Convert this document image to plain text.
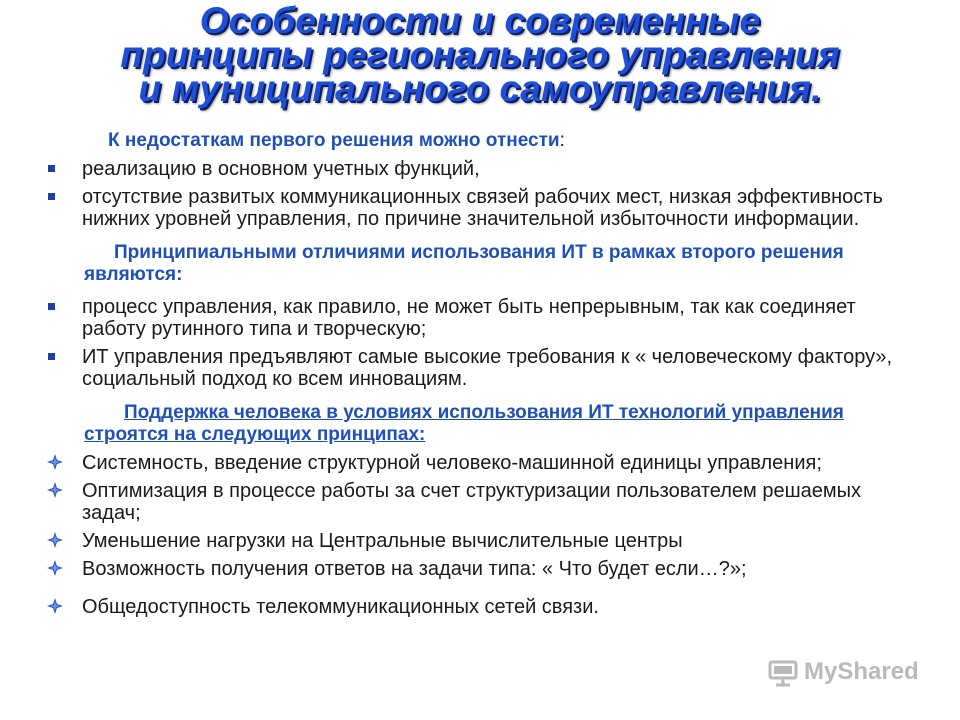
Особенности и современные
принципы регионального управления
и муниципального самоуправления.
К недостаткам первого решения можно отнести:
реализацию в основном учетных функций,
отсутствие развитых коммуникационных связей рабочих мест, низкая эффективность нижних уровней управления, по причине значительной избыточности информации.
Принципиальными отличиями использования ИТ в рамках второго решения являются:
процесс управления, как правило, не может быть непрерывным, так как соединяет работу рутинного типа и творческую;
ИТ управления предъявляют самые высокие требования к « человеческому фактору», социальный подход ко всем инновациям.
Поддержка человека в условиях использования ИТ технологий управления строятся на следующих принципах:
Системность, введение структурной человеко-машинной единицы управления;
Оптимизация в процессе работы за счет структуризации пользователем решаемых задач;
Уменьшение нагрузки на Центральные вычислительные центры
Возможность получения ответов на задачи типа: « Что будет если…?»;
Общедоступность телекоммуникационных сетей связи.
MyShared
